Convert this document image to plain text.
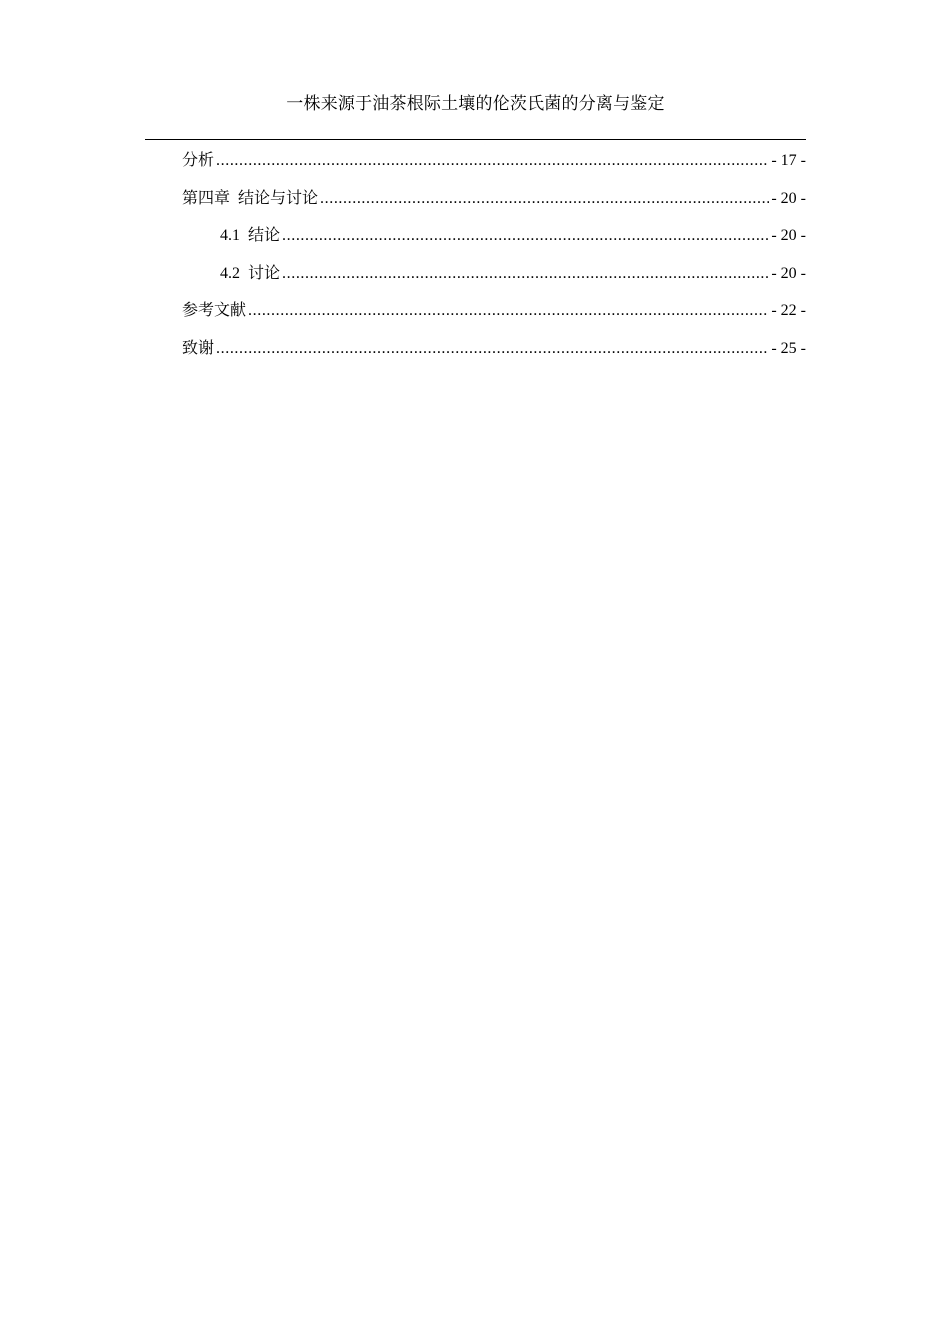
一株来源于油茶根际土壤的伦茨氏菌的分离与鉴定
分析 .....	- 17 -
第四章  结论与讨论 .....	- 20 -
4.1  结论 .....	- 20 -
4.2  讨论 .....	- 20 -
参考文献 .....	- 22 -
致谢 .....	- 25 -
